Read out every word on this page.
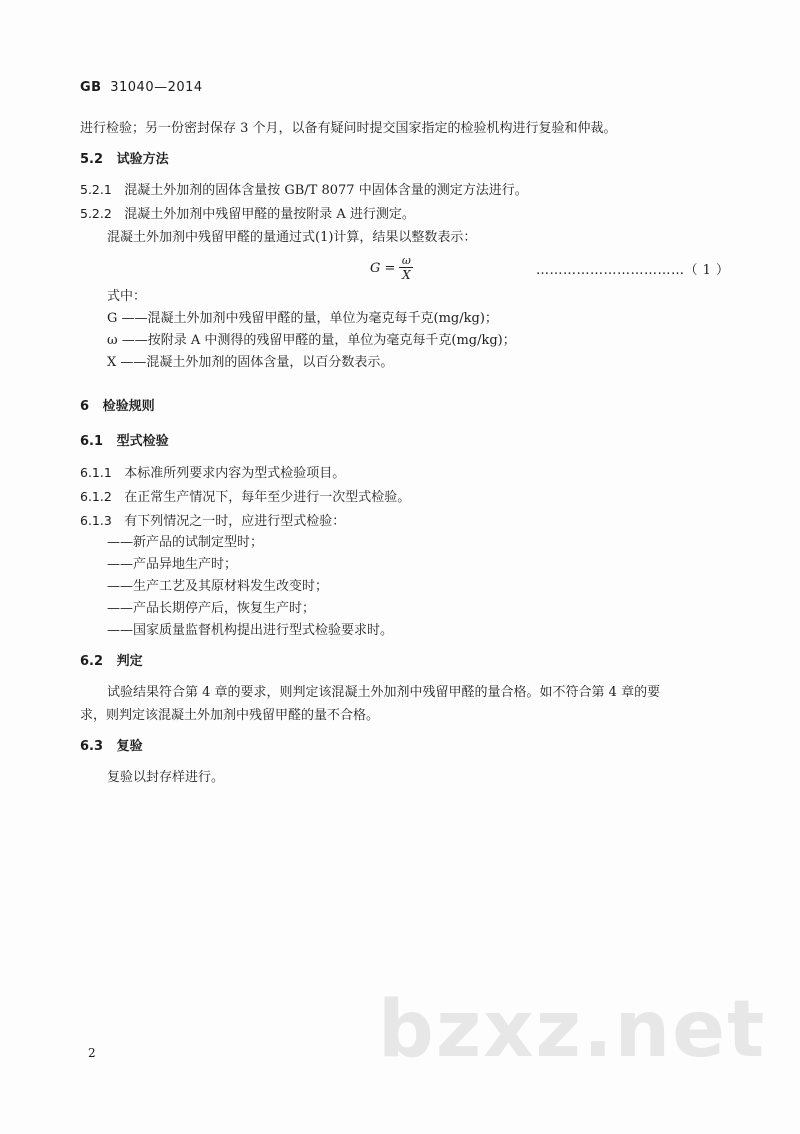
GB 31040—2014
进行检验；另一份密封保存 3 个月，以备有疑问时提交国家指定的检验机构进行复验和仲裁。
5.2 试验方法
5.2.1 混凝土外加剂的固体含量按 GB/T 8077 中固体含量的测定方法进行。
5.2.2 混凝土外加剂中残留甲醛的量按附录 A 进行测定。
混凝土外加剂中残留甲醛的量通过式(1)计算，结果以整数表示：
$G = \frac{\omega}{X}$	……………………………（ 1 ）
式中：
G ——混凝土外加剂中残留甲醛的量，单位为毫克每千克(mg/kg)；
ω ——按附录 A 中测得的残留甲醛的量，单位为毫克每千克(mg/kg)；
X ——混凝土外加剂的固体含量，以百分数表示。
6 检验规则
6.1 型式检验
6.1.1 本标准所列要求内容为型式检验项目。
6.1.2 在正常生产情况下，每年至少进行一次型式检验。
6.1.3 有下列情况之一时，应进行型式检验：
——新产品的试制定型时；
——产品异地生产时；
——生产工艺及其原材料发生改变时；
——产品长期停产后，恢复生产时；
——国家质量监督机构提出进行型式检验要求时。
6.2 判定
试验结果符合第 4 章的要求，则判定该混凝土外加剂中残留甲醛的量合格。如不符合第 4 章的要
求，则判定该混凝土外加剂中残留甲醛的量不合格。
6.3 复验
复验以封存样进行。
bzxz.net
2
